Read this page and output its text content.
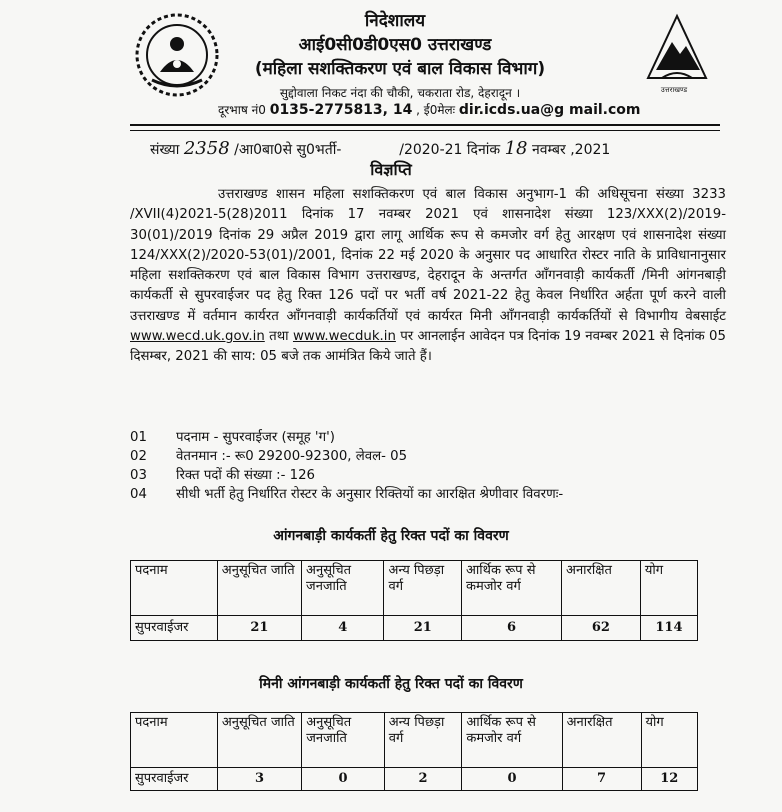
उत्तराखण्ड
निदेशालय
आई0सी0डी0एस0 उत्तराखण्ड
(महिला सशक्तिकरण एवं बाल विकास विभाग)
सुद्दोवाला निकट नंदा की चौकी, चकराता रोड, देहरादून ।
दूरभाष नं0 0135-2775813, 14 , ई0मेलः dir.icds.ua@g mail.com
संख्या 2358 /आ0बा0से सु0भर्ती-	/2020-21 दिनांक 18 नवम्बर ,2021
विज्ञप्ति
उत्तराखण्ड शासन महिला सशक्तिकरण एवं बाल विकास अनुभाग-1 की अधिसूचना संख्या 3233 /XVII(4)2021-5(28)2011 दिनांक 17 नवम्बर 2021 एवं शासनादेश संख्या 123/XXX(2)/2019-30(01)/2019 दिनांक 29 अप्रैल 2019 द्वारा लागू आर्थिक रूप से कमजोर वर्ग हेतु आरक्षण एवं शासनादेश संख्या 124/XXX(2)/2020-53(01)/2001, दिनांक 22 मई 2020 के अनुसार पद आधारित रोस्टर नाति के प्राविधानानुसार महिला सशक्तिकरण एवं बाल विकास विभाग उत्तराखण्ड, देहरादून के अन्तर्गत आँगनवाड़ी कार्यकर्ती /मिनी आंगनबाड़ी कार्यकर्ती से सुपरवाईजर पद हेतु रिक्त 126 पदों पर भर्ती वर्ष 2021-22 हेतु केवल निर्धारित अर्हता पूर्ण करने वाली उत्तराखण्ड में वर्तमान कार्यरत आँगनवाड़ी कार्यकर्तियों एवं कार्यरत मिनी आँगनवाड़ी कार्यकर्तियों से विभागीय वेबसाईट www.wecd.uk.gov.in तथा www.wecduk.in पर आनलाईन आवेदन पत्र दिनांक 19 नवम्बर 2021 से दिनांक 05 दिसम्बर, 2021 की साय: 05 बजे तक आमंत्रित किये जाते हैं।
01 पदनाम - सुपरवाईजर (समूह 'ग')
02 वेतनमान :- रू0 29200-92300, लेवल- 05
03 रिक्त पदों की संख्या :- 126
04 सीधी भर्ती हेतु निर्धारित रोस्टर के अनुसार रिक्तियों का आरक्षित श्रेणीवार विवरणः-
आंगनबाड़ी कार्यकर्ती हेतु रिक्त पदों का विवरण
पदनाम	अनुसूचित जाति	अनुसूचित जनजाति	अन्य पिछड़ा वर्ग	आर्थिक रूप से कमजोर वर्ग	अनारक्षित	योग
सुपरवाईजर	21	4	21	6	62	114
मिनी आंगनबाड़ी कार्यकर्ती हेतु रिक्त पदों का विवरण
पदनाम	अनुसूचित जाति	अनुसूचित जनजाति	अन्य पिछड़ा वर्ग	आर्थिक रूप से कमजोर वर्ग	अनारक्षित	योग
सुपरवाईजर	3	0	2	0	7	12
